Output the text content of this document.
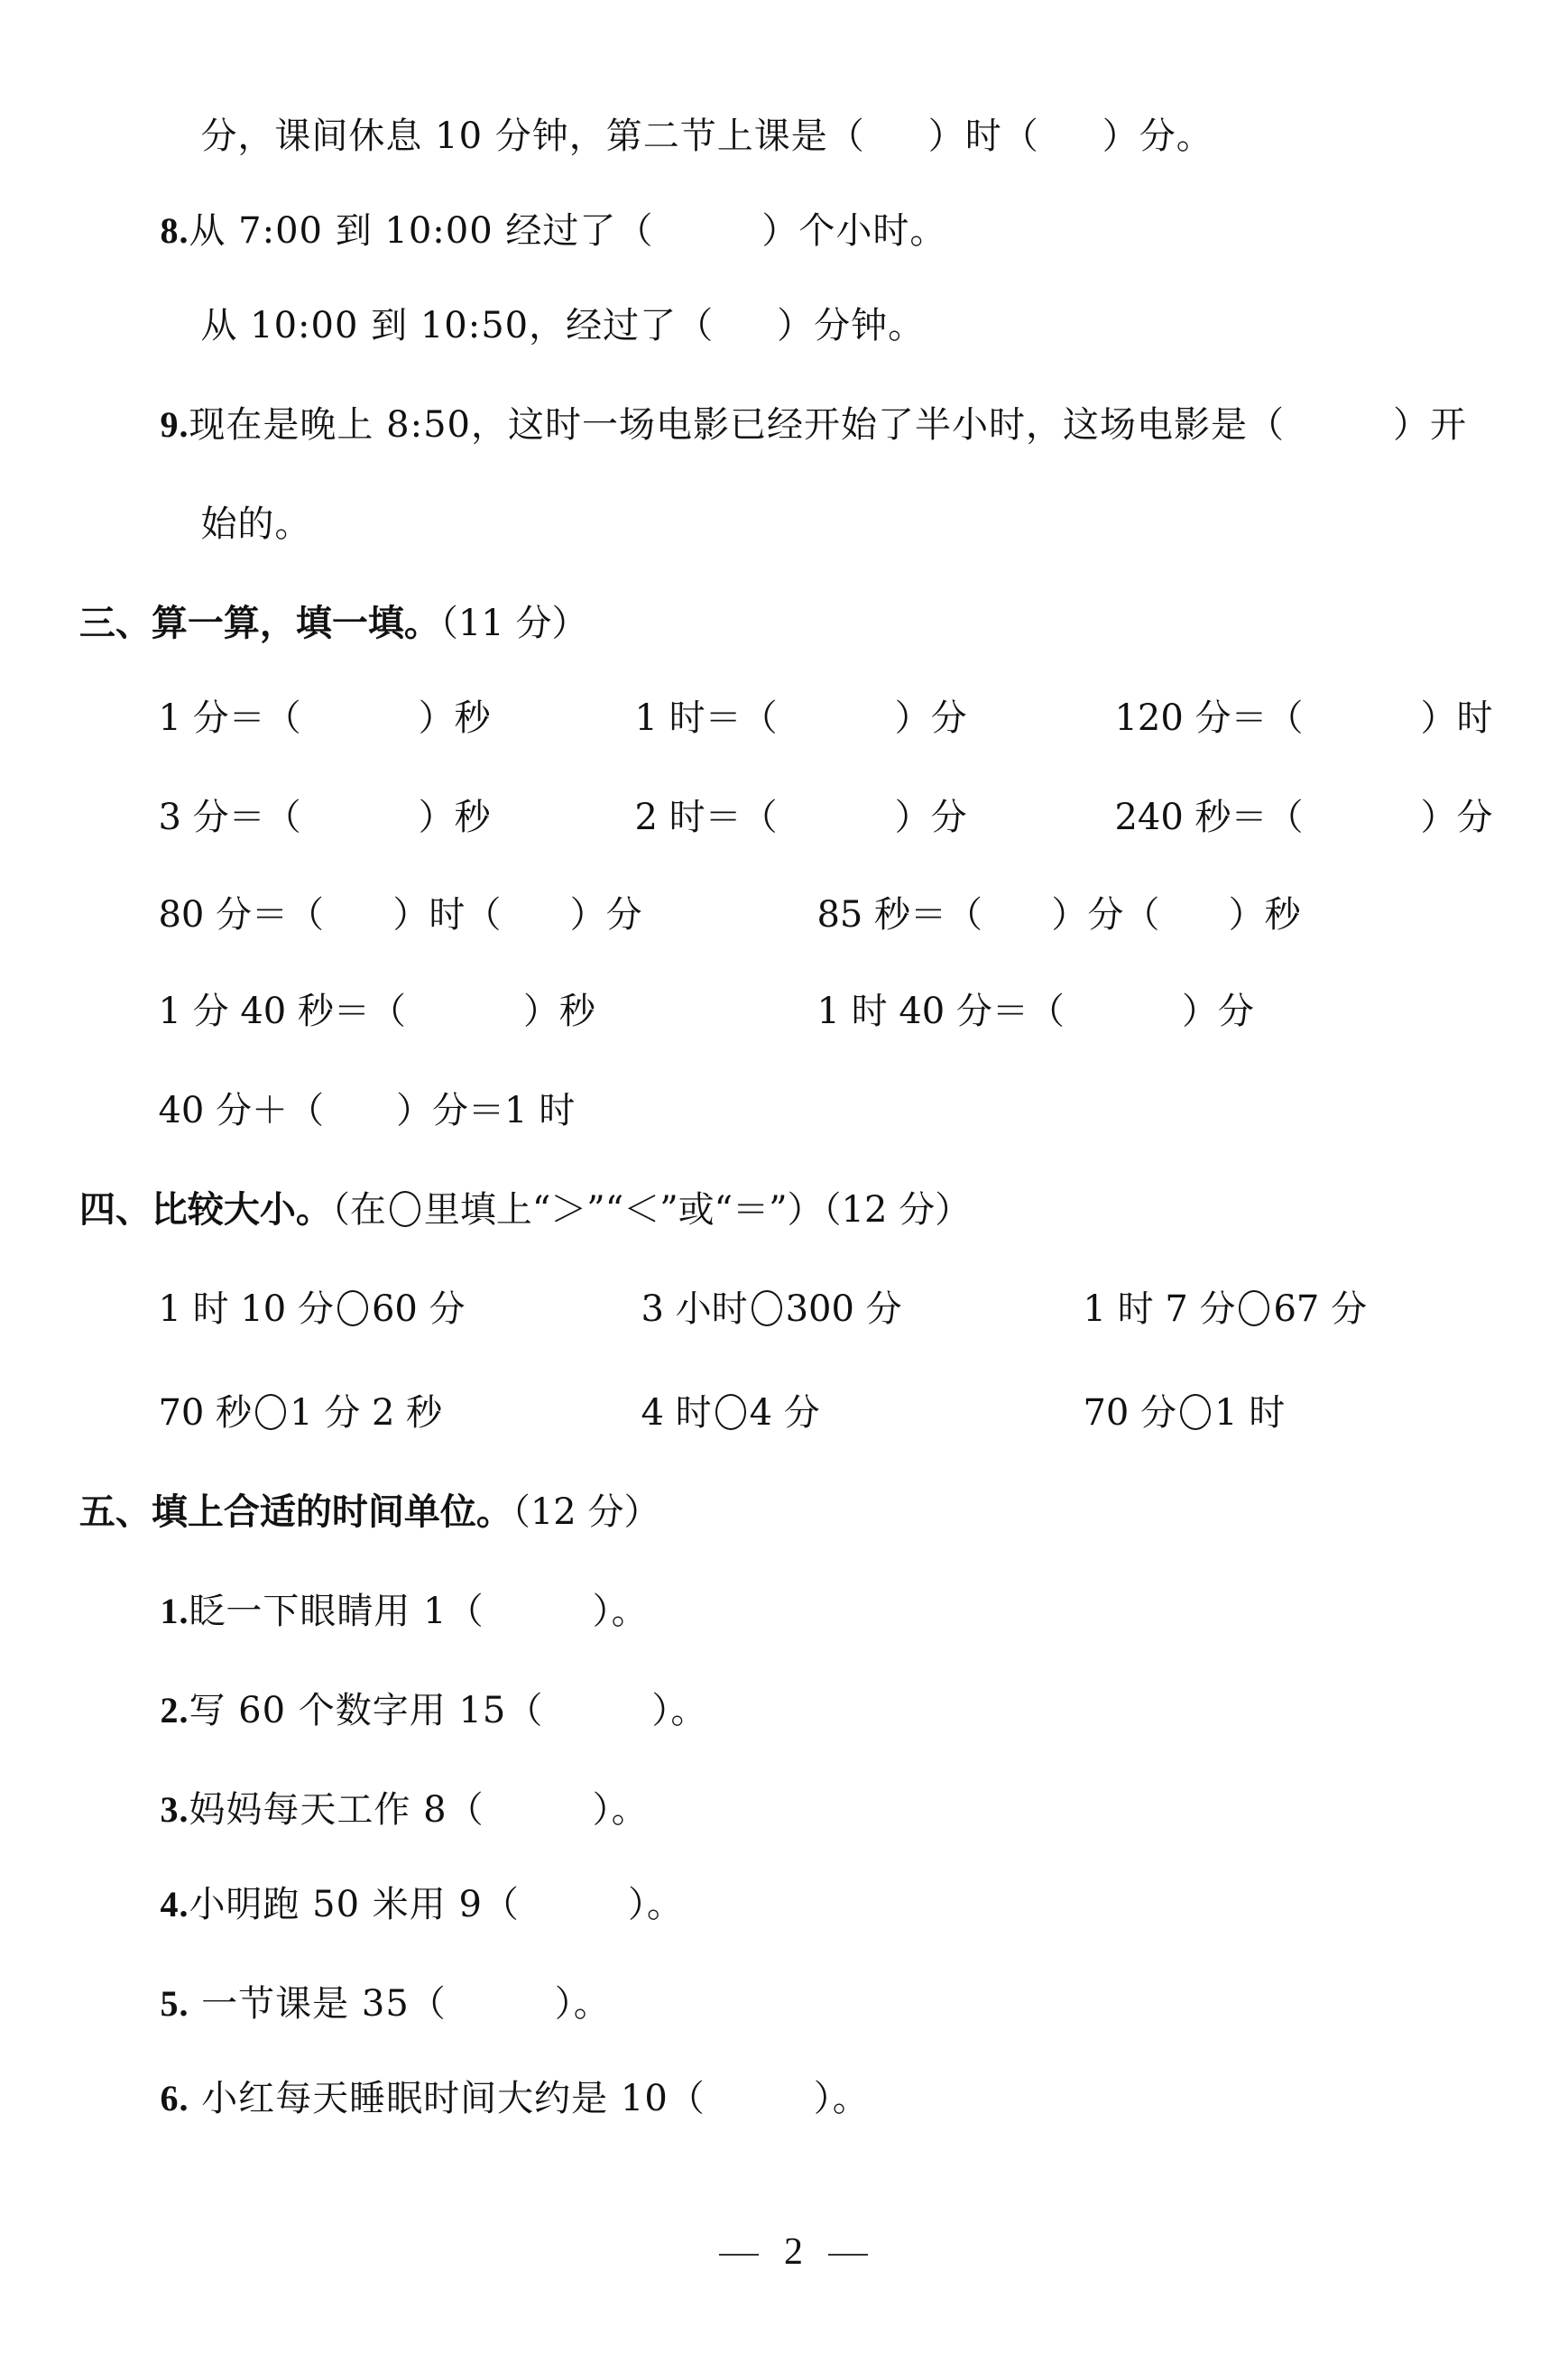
分，课间休息 10 分钟，第二节上课是（ ）时（ ）分。

8.从 7:00 到 10:00 经过了（	）个小时。

从 10:00 到 10:50，经过了（ ）分钟。

9.现在是晚上 8:50，这时一场电影已经开始了半小时，这场电影是（	）开

始的。

三、算一算，填一填。（11 分）

1 分＝（	）秒	1 时＝（	）分	120 分＝（	）时

3 分＝（	）秒	2 时＝（	）分	240 秒＝（	）分

80 分＝（      ）时（      ）分	85 秒＝（      ）分（      ）秒

1 分 40 秒＝（	）秒	1 时 40 分＝（	）分

40 分＋（ ）分＝1 时

四、比较大小。（在 里填上“＞”“＜”或“＝”）（12 分）

1 时 10 分 60 分	3 小时 300 分	1 时 7 分 67 分

70 秒 1 分 2 秒	4 时 4 分	70 分 1 时

五、填上合适的时间单位。（12 分）

1.眨一下眼睛用 1（	）。

2.写 60 个数字用 15（	）。

3.妈妈每天工作 8（	）。

4.小明跑 50 米用 9（	）。

5. 一节课是 35（	）。

6. 小红每天睡眠时间大约是 10（	）。

2
